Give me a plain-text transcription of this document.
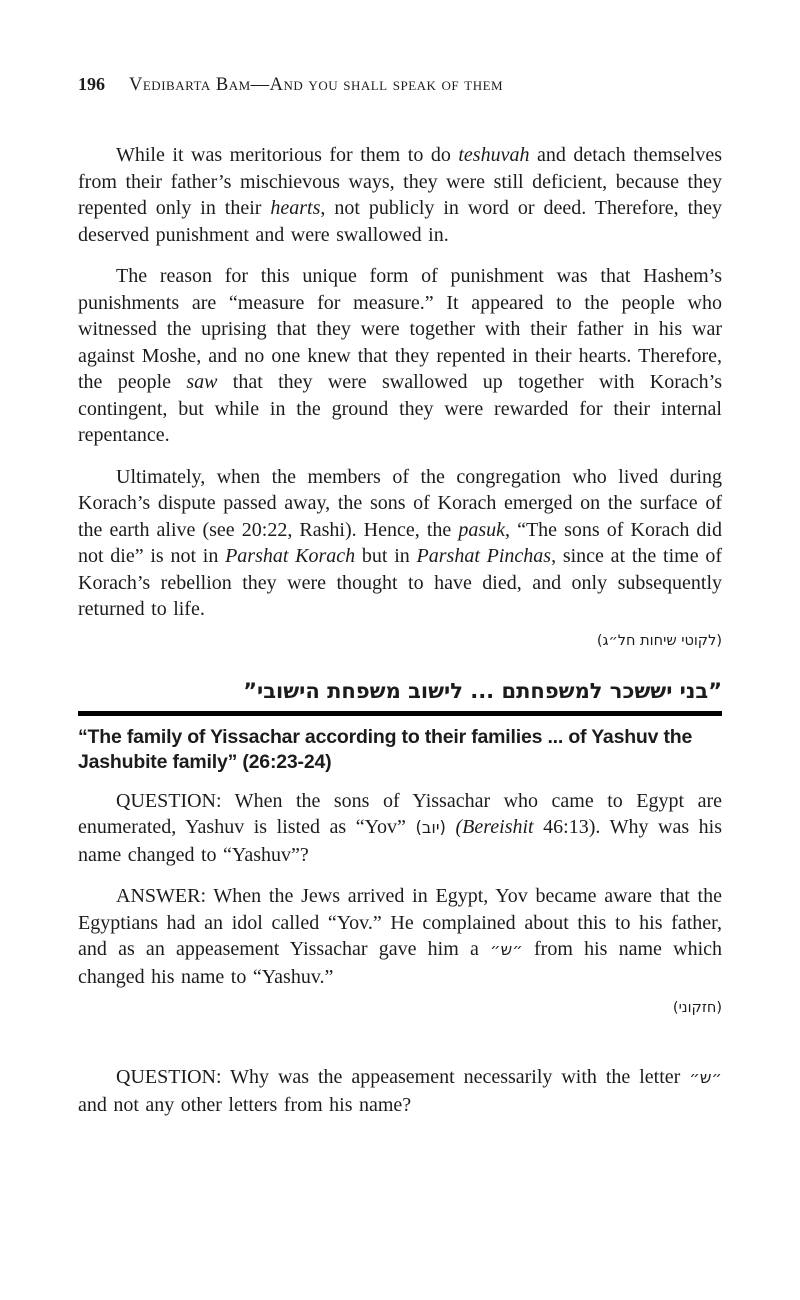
196 Vedibarta Bam—And you shall speak of them

While it was meritorious for them to do teshuvah and detach themselves from their father’s mischievous ways, they were still deficient, because they repented only in their hearts, not publicly in word or deed. Therefore, they deserved punishment and were swallowed in.

The reason for this unique form of punishment was that Hashem’s punishments are “measure for measure.” It appeared to the people who witnessed the uprising that they were together with their father in his war against Moshe, and no one knew that they repented in their hearts. Therefore, the people saw that they were swallowed up together with Korach’s contingent, but while in the ground they were rewarded for their internal repentance.

Ultimately, when the members of the congregation who lived during Korach’s dispute passed away, the sons of Korach emerged on the surface of the earth alive (see 20:22, Rashi). Hence, the pasuk, “The sons of Korach did not die” is not in Parshat Korach but in Parshat Pinchas, since at the time of Korach’s rebellion they were thought to have died, and only subsequently returned to life.

(לקוטי שיחות חל״ג)

”בני יששכר למשפחתם ... לישוב משפחת הישובי”
“The family of Yissachar according to their families ... of Yashuv the Jashubite family” (26:23-24)

QUESTION: When the sons of Yissachar who came to Egypt are enumerated, Yashuv is listed as “Yov” (יוב) (Bereishit 46:13). Why was his name changed to “Yashuv”?

ANSWER: When the Jews arrived in Egypt, Yov became aware that the Egyptians had an idol called “Yov.” He complained about this to his father, and as an appeasement Yissachar gave him a ״ש״ from his name which changed his name to “Yashuv.”

(חזקוני)

QUESTION: Why was the appeasement necessarily with the letter ״ש״ and not any other letters from his name?
